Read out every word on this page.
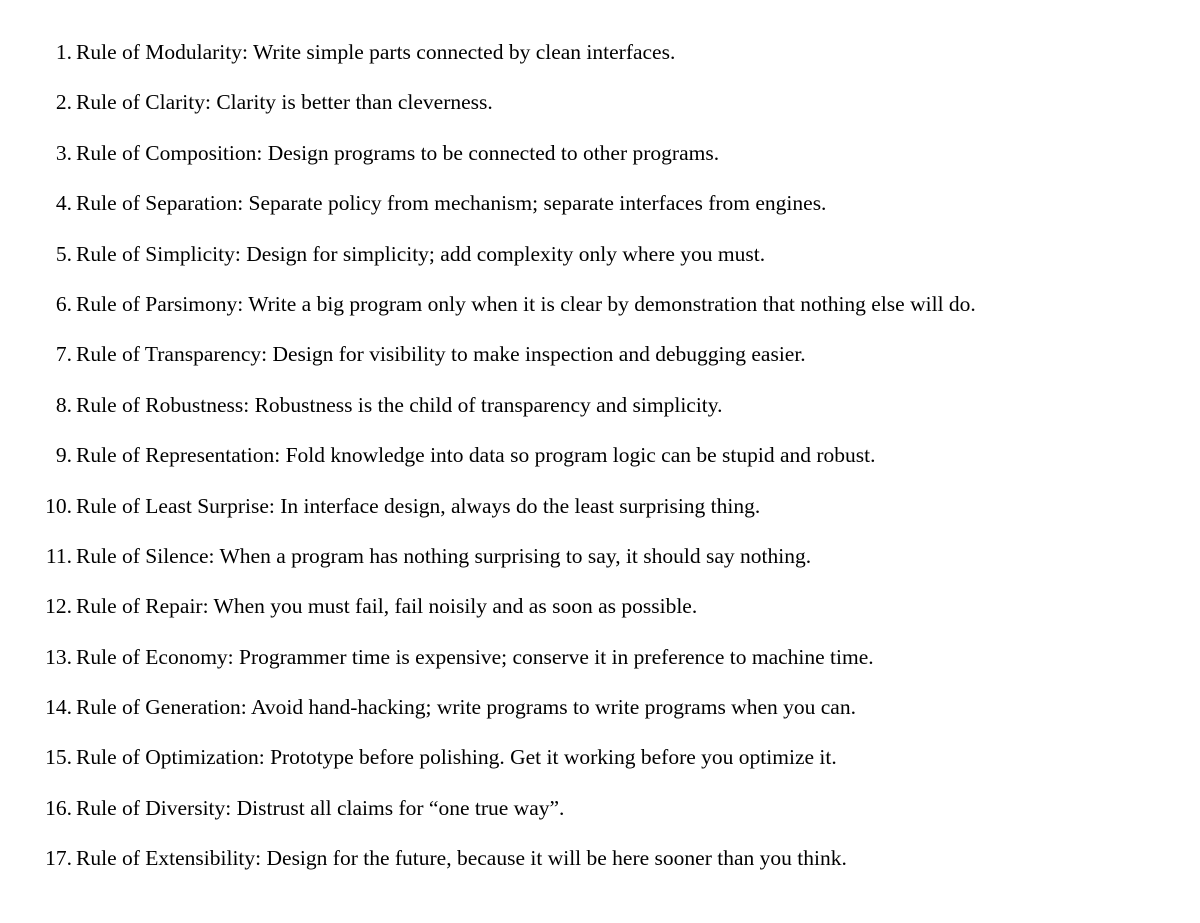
1. Rule of Modularity: Write simple parts connected by clean interfaces.
2. Rule of Clarity: Clarity is better than cleverness.
3. Rule of Composition: Design programs to be connected to other programs.
4. Rule of Separation: Separate policy from mechanism; separate interfaces from engines.
5. Rule of Simplicity: Design for simplicity; add complexity only where you must.
6. Rule of Parsimony: Write a big program only when it is clear by demonstration that nothing else will do.
7. Rule of Transparency: Design for visibility to make inspection and debugging easier.
8. Rule of Robustness: Robustness is the child of transparency and simplicity.
9. Rule of Representation: Fold knowledge into data so program logic can be stupid and robust.
10. Rule of Least Surprise: In interface design, always do the least surprising thing.
11. Rule of Silence: When a program has nothing surprising to say, it should say nothing.
12. Rule of Repair: When you must fail, fail noisily and as soon as possible.
13. Rule of Economy: Programmer time is expensive; conserve it in preference to machine time.
14. Rule of Generation: Avoid hand-hacking; write programs to write programs when you can.
15. Rule of Optimization: Prototype before polishing. Get it working before you optimize it.
16. Rule of Diversity: Distrust all claims for “one true way”.
17. Rule of Extensibility: Design for the future, because it will be here sooner than you think.
